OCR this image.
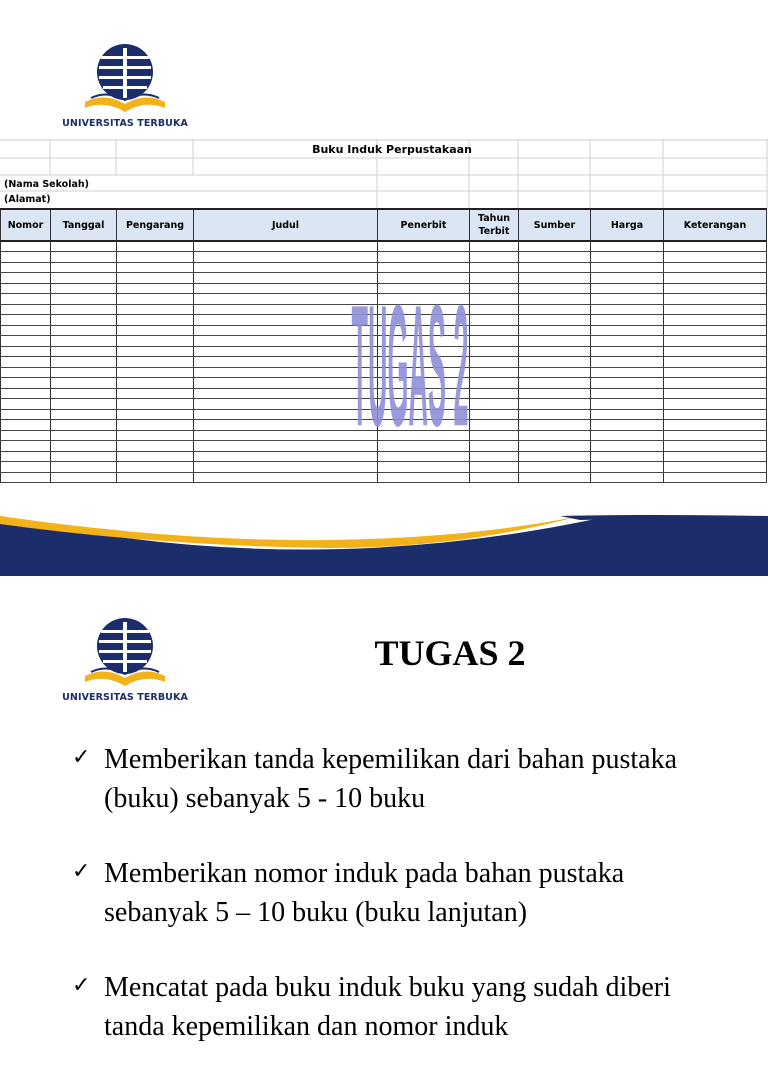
UNIVERSITAS TERBUKA
Buku Induk Perpustakaan
(Nama Sekolah)
(Alamat)
Nomor	Tanggal	Pengarang	Judul	Penerbit	Tahun Terbit	Sumber	Harga	Keterangan

TUGAS 2
UNIVERSITAS TERBUKA
TUGAS 2
✓ Memberikan tanda kepemilikan dari bahan pustaka (buku) sebanyak 5 - 10 buku
✓ Memberikan nomor induk pada bahan pustaka sebanyak 5 – 10 buku (buku lanjutan)
✓ Mencatat pada buku induk buku yang sudah diberi tanda kepemilikan dan nomor induk
